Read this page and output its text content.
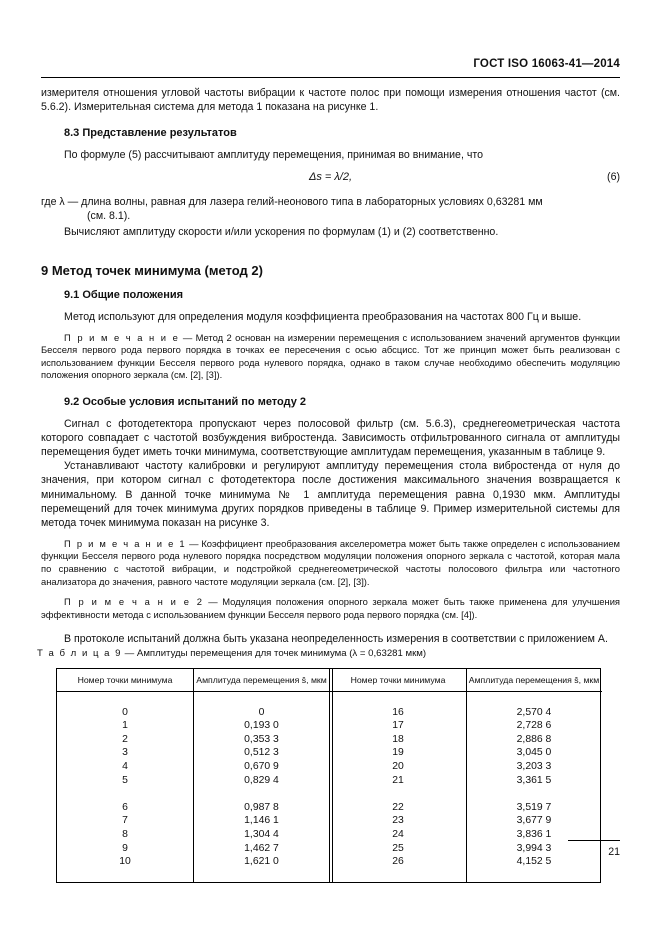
ГОСТ ISO 16063-41—2014

измерителя отношения угловой частоты вибрации к частоте полос при помощи измерения отношения частот (см. 5.6.2). Измерительная система для метода 1 показана на рисунке 1.

8.3 Представление результатов

По формуле (5) рассчитывают амплитуду перемещения, принимая во внимание, что

Δs = λ/2,	(6)
где λ — длина волны, равная для лазера гелий-неонового типа в лабораторных условиях 0,63281 мм
(см. 8.1).

Вычисляют амплитуду скорости и/или ускорения по формулам (1) и (2) соответственно.

9 Метод точек минимума (метод 2)
9.1 Общие положения

Метод используют для определения модуля коэффициента преобразования на частотах 800 Гц и выше.

П р и м е ч а н и е — Метод 2 основан на измерении перемещения с использованием значений аргументов функции Бесселя первого рода первого порядка в точках ее пересечения с осью абсцисс. Тот же принцип может быть реализован с использованием функции Бесселя первого рода нулевого порядка, однако в таком случае необходимо обеспечить модуляцию положения опорного зеркала (см. [2], [3]).

9.2 Особые условия испытаний по методу 2

Сигнал с фотодетектора пропускают через полосовой фильтр (см. 5.6.3), среднегеометрическая частота которого совпадает с частотой возбуждения вибростенда. Зависимость отфильтрованного сигнала от амплитуды перемещения будет иметь точки минимума, соответствующие амплитудам перемещения, указанным в таблице 9.

Устанавливают частоту калибровки и регулируют амплитуду перемещения стола вибростенда от нуля до значения, при котором сигнал с фотодетектора после достижения максимального значения возвращается к минимальному. В данной точке минимума № 1 амплитуда перемещения равна 0,1930 мкм. Амплитуды перемещений для точек минимума других порядков приведены в таблице 9. Пример измерительной системы для метода точек минимума показан на рисунке 3.

П р и м е ч а н и е 1 — Коэффициент преобразования акселерометра может быть также определен с использованием функции Бесселя первого рода нулевого порядка посредством модуляции положения опорного зеркала с частотой, которая мала по сравнению с частотой вибрации, и подстройкой среднегеометрической частоты полосового фильтра или частотного анализатора до значения, равного частоте модуляции зеркала (см. [2], [3]).

П р и м е ч а н и е 2 — Модуляция положения опорного зеркала может быть также применена для улучшения эффективности метода с использованием функции Бесселя первого рода первого порядка (см. [4]).

В протоколе испытаний должна быть указана неопределенность измерения в соответствии с приложением А.

Т а б л и ц а 9 — Амплитуды перемещения для точек минимума (λ = 0,63281 мкм)
Номер точки минимума	Амплитуда перемещения ŝ, мкм	Номер точки минимума	Амплитуда перемещения ŝ, мкм

0	0	16	2,570 4
1	0,193 0	17	2,728 6
2	0,353 3	18	2,886 8
3	0,512 3	19	3,045 0
4	0,670 9	20	3,203 3
5	0,829 4	21	3,361 5

6	0,987 8	22	3,519 7
7	1,146 1	23	3,677 9
8	1,304 4	24	3,836 1
9	1,462 7	25	3,994 3
10	1,621 0	26	4,152 5

21
